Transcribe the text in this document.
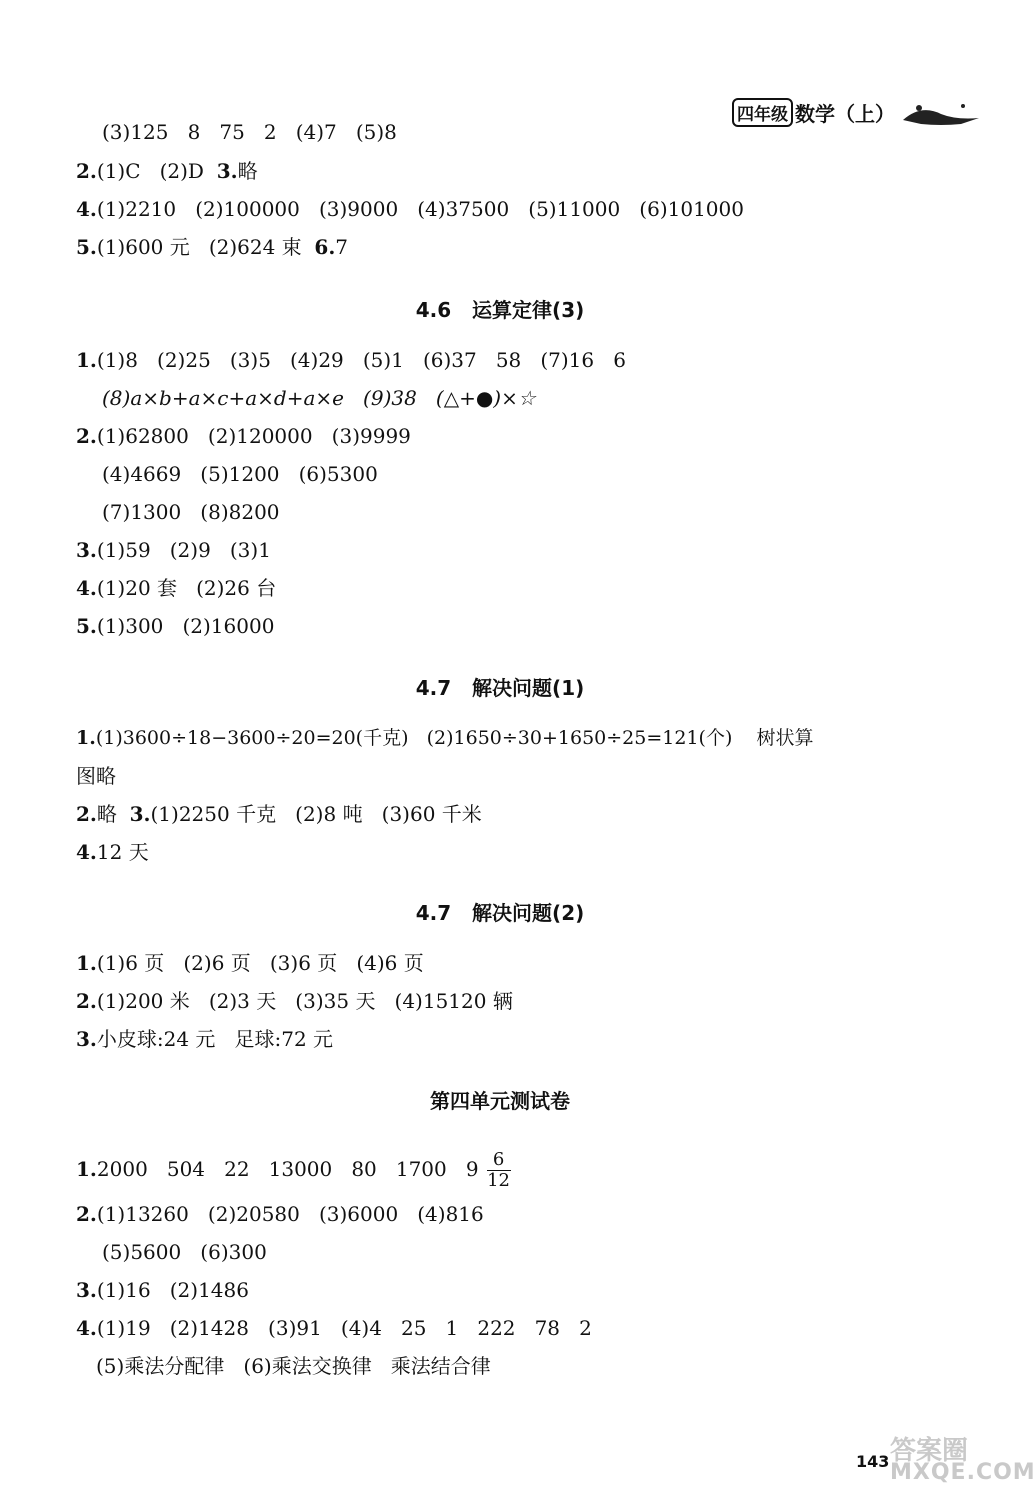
四年级 数学（上）
(3)125   8   75   2   (4)7   (5)8
2.(1)C   (2)D  3.略
4.(1)2210   (2)100000   (3)9000   (4)37500   (5)11000   (6)101000
5.(1)600 元   (2)624 束  6.7
4.6   运算定律(3)
1.(1)8   (2)25   (3)5   (4)29   (5)1   (6)37   58   (7)16   6
(8)a×b+a×c+a×d+a×e   (9)38   (△+●)×☆
2.(1)62800   (2)120000   (3)9999
(4)4669   (5)1200   (6)5300
(7)1300   (8)8200
3.(1)59   (2)9   (3)1
4.(1)20 套   (2)26 台
5.(1)300   (2)16000
4.7   解决问题(1)
1.(1)3600÷18−3600÷20=20(千克)   (2)1650÷30+1650÷25=121(个)    树状算
图略
2.略  3.(1)2250 千克   (2)8 吨   (3)60 千米
4.12 天
4.7   解决问题(2)
1.(1)6 页   (2)6 页   (3)6 页   (4)6 页
2.(1)200 米   (2)3 天   (3)35 天   (4)15120 辆
3.小皮球:24 元   足球:72 元
第四单元测试卷
1.2000   504   22   13000   80   1700   $9 \frac{6}{12}$
2.(1)13260   (2)20580   (3)6000   (4)816
(5)5600   (6)300
3.(1)16   (2)1486
4.(1)19   (2)1428   (3)91   (4)4   25   1   222   78   2
(5)乘法分配律   (6)乘法交换律   乘法结合律
143 答案圈
MXQE.COM
